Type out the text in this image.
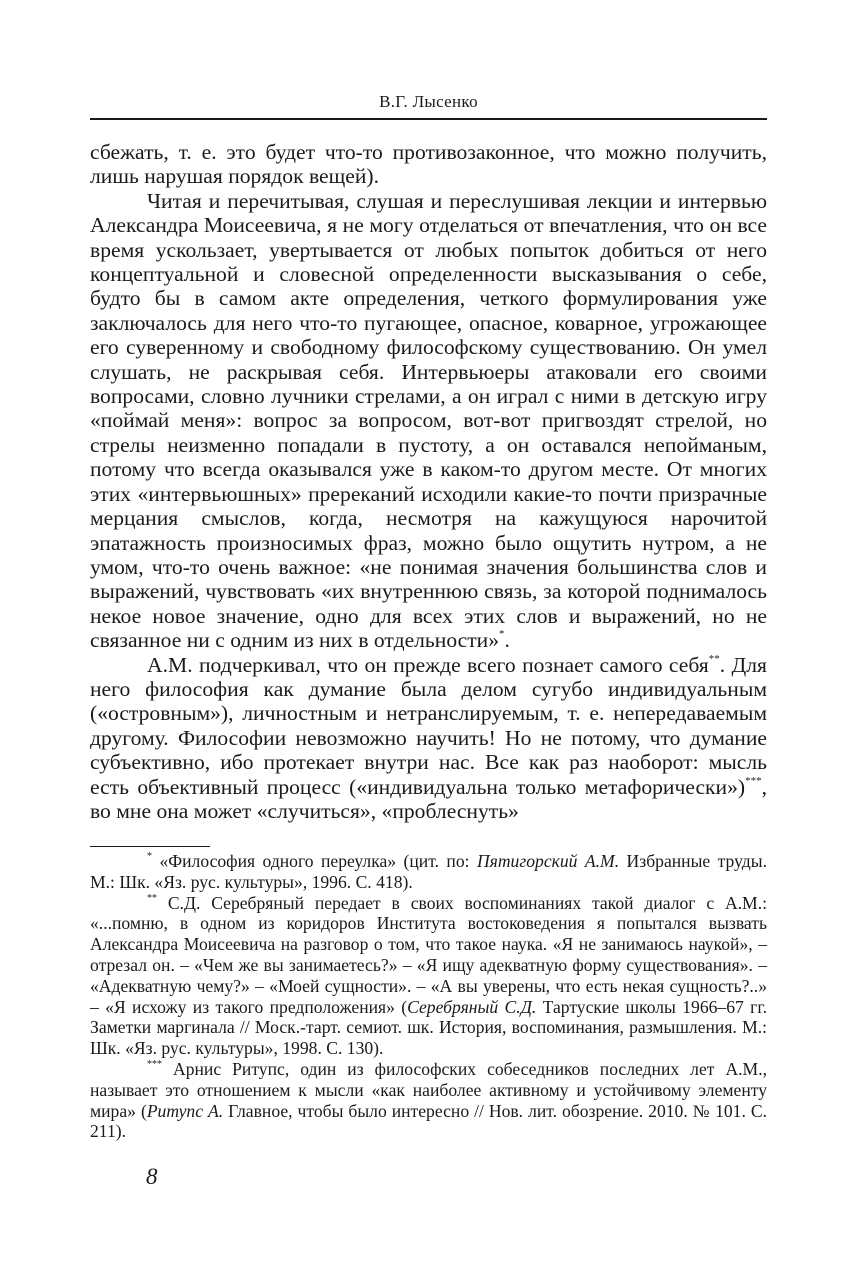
В.Г. Лысенко

сбежать, т. е. это будет что-то противозаконное, что можно получить, лишь нарушая порядок вещей).

Читая и перечитывая, слушая и переслушивая лекции и интервью Александра Моисеевича, я не могу отделаться от впечатления, что он все время ускользает, увертывается от любых попыток добиться от него концептуальной и словесной определенности высказывания о себе, будто бы в самом акте определения, четкого формулирования уже заключалось для него что-то пугающее, опасное, коварное, угрожающее его суверенному и свободному философскому существованию. Он умел слушать, не раскрывая себя. Интервьюеры атаковали его своими вопросами, словно лучники стрелами, а он играл с ними в детскую игру «поймай меня»: вопрос за вопросом, вот-вот пригвоздят стрелой, но стрелы неизменно попадали в пустоту, а он оставался непойманым, потому что всегда оказывался уже в каком-то другом месте. От многих этих «интервьюшных» пререканий исходили какие-то почти призрачные мерцания смыслов, когда, несмотря на кажущуюся нарочитой эпатажность произносимых фраз, можно было ощутить нутром, а не умом, что-то очень важное: «не понимая значения большинства слов и выражений, чувствовать «их внутреннюю связь, за которой поднималось некое новое значение, одно для всех этих слов и выражений, но не связанное ни с одним из них в отдельности»*.

А.М. подчеркивал, что он прежде всего познает самого себя**. Для него философия как думание была делом сугубо индивидуальным («островным»), личностным и нетранслируемым, т. е. непередаваемым другому. Философии невозможно научить! Но не потому, что думание субъективно, ибо протекает внутри нас. Все как раз наоборот: мысль есть объективный процесс («индивидуальна только метафорически»)***, во мне она может «случиться», «проблеснуть»

* «Философия одного переулка» (цит. по: Пятигорский А.М. Избранные труды. М.: Шк. «Яз. рус. культуры», 1996. С. 418).

** С.Д. Серебряный передает в своих воспоминаниях такой диалог с А.М.: «...помню, в одном из коридоров Института востоковедения я попытался вызвать Александра Моисеевича на разговор о том, что такое наука. «Я не занимаюсь наукой», – отрезал он. – «Чем же вы занимаетесь?» – «Я ищу адекватную форму существования». – «Адекватную чему?» – «Моей сущности». – «А вы уверены, что есть некая сущность?..» – «Я исхожу из такого предположения» (Серебряный С.Д. Тартуские школы 1966–67 гг. Заметки маргинала // Моск.-тарт. семиот. шк. История, воспоминания, размышления. М.: Шк. «Яз. рус. культуры», 1998. С. 130).

*** Арнис Ритупс, один из философских собеседников последних лет А.М., называет это отношением к мысли «как наиболее активному и устойчивому элементу мира» (Ритупс А. Главное, чтобы было интересно // Нов. лит. обозрение. 2010. № 101. С. 211).

8
